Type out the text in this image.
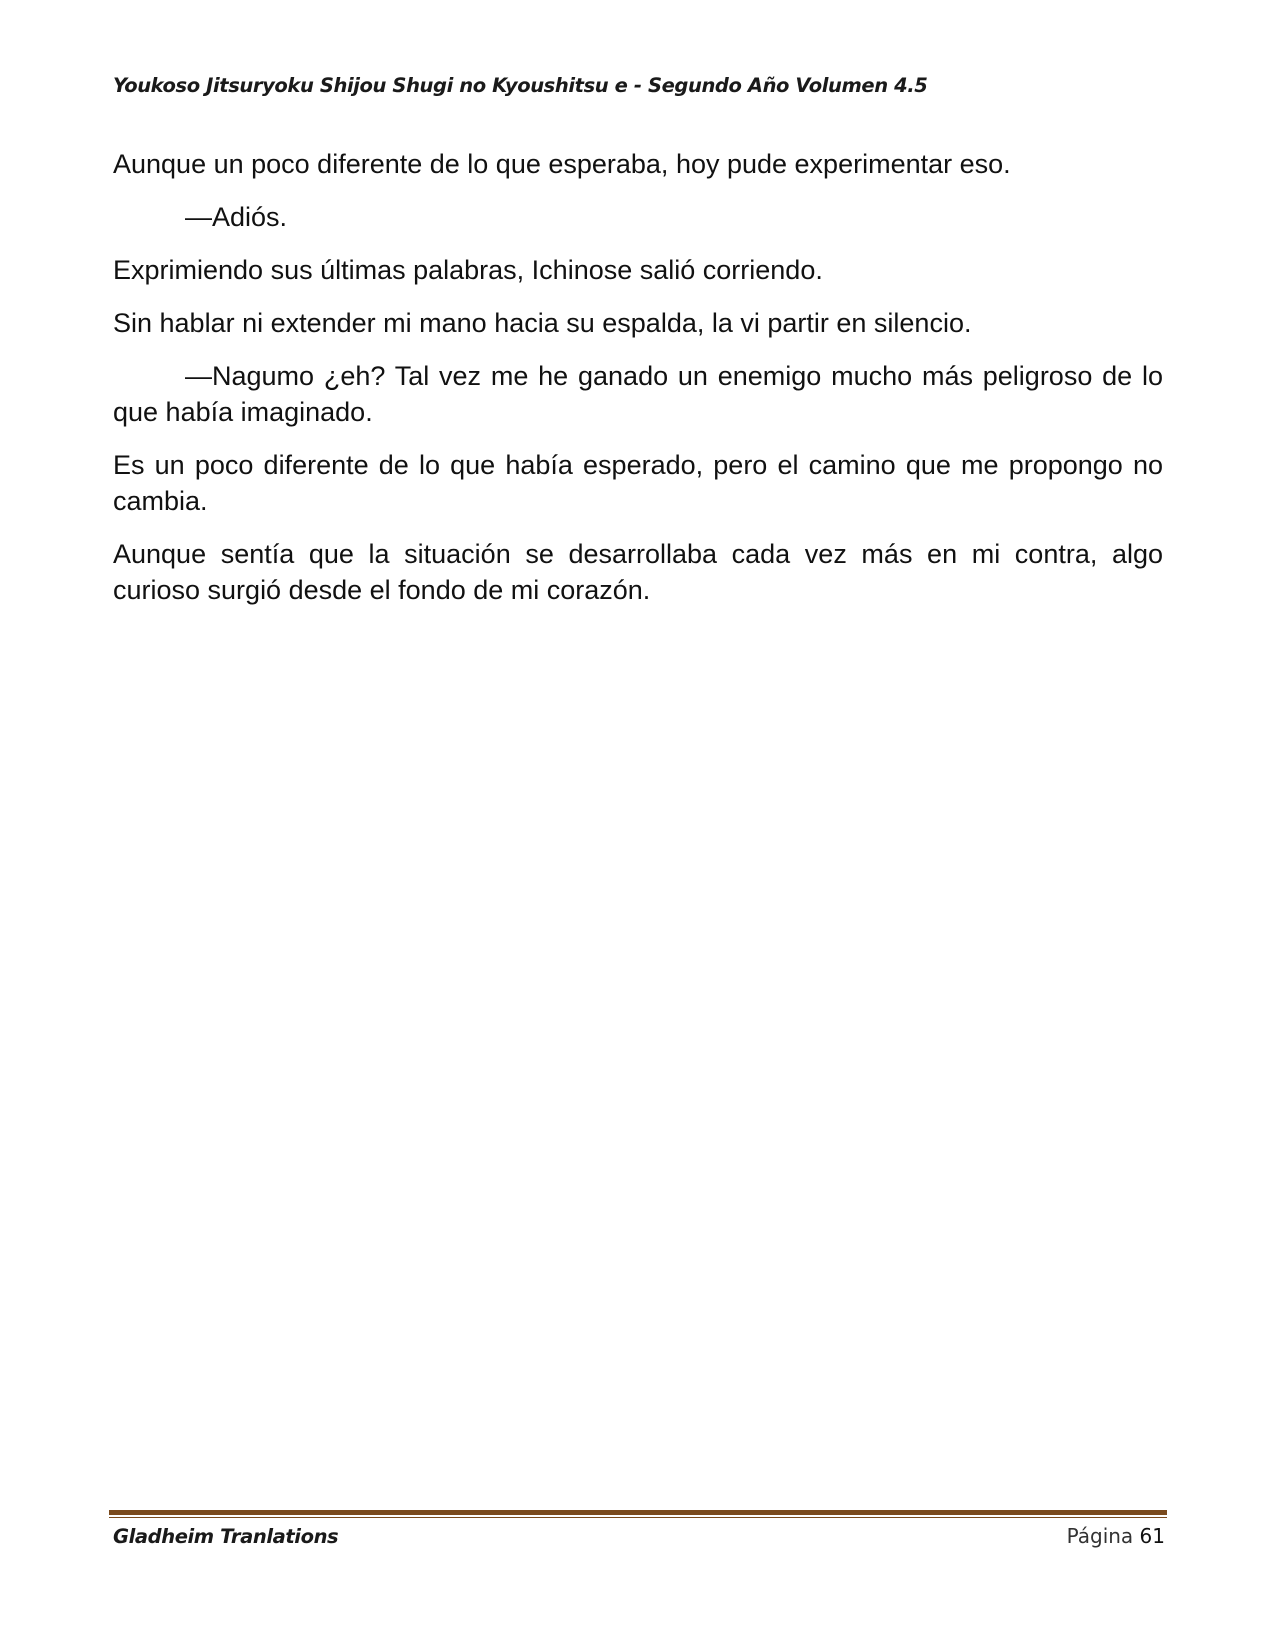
Youkoso Jitsuryoku Shijou Shugi no Kyoushitsu e - Segundo Año Volumen 4.5

Aunque un poco diferente de lo que esperaba, hoy pude experimentar eso.

—Adiós.

Exprimiendo sus últimas palabras, Ichinose salió corriendo.

Sin hablar ni extender mi mano hacia su espalda, la vi partir en silencio.

—Nagumo ¿eh? Tal vez me he ganado un enemigo mucho más peligroso de lo que había imaginado.

Es un poco diferente de lo que había esperado, pero el camino que me propongo no cambia.

Aunque sentía que la situación se desarrollaba cada vez más en mi contra, algo curioso surgió desde el fondo de mi corazón.

Gladheim Tranlations	Página 61
